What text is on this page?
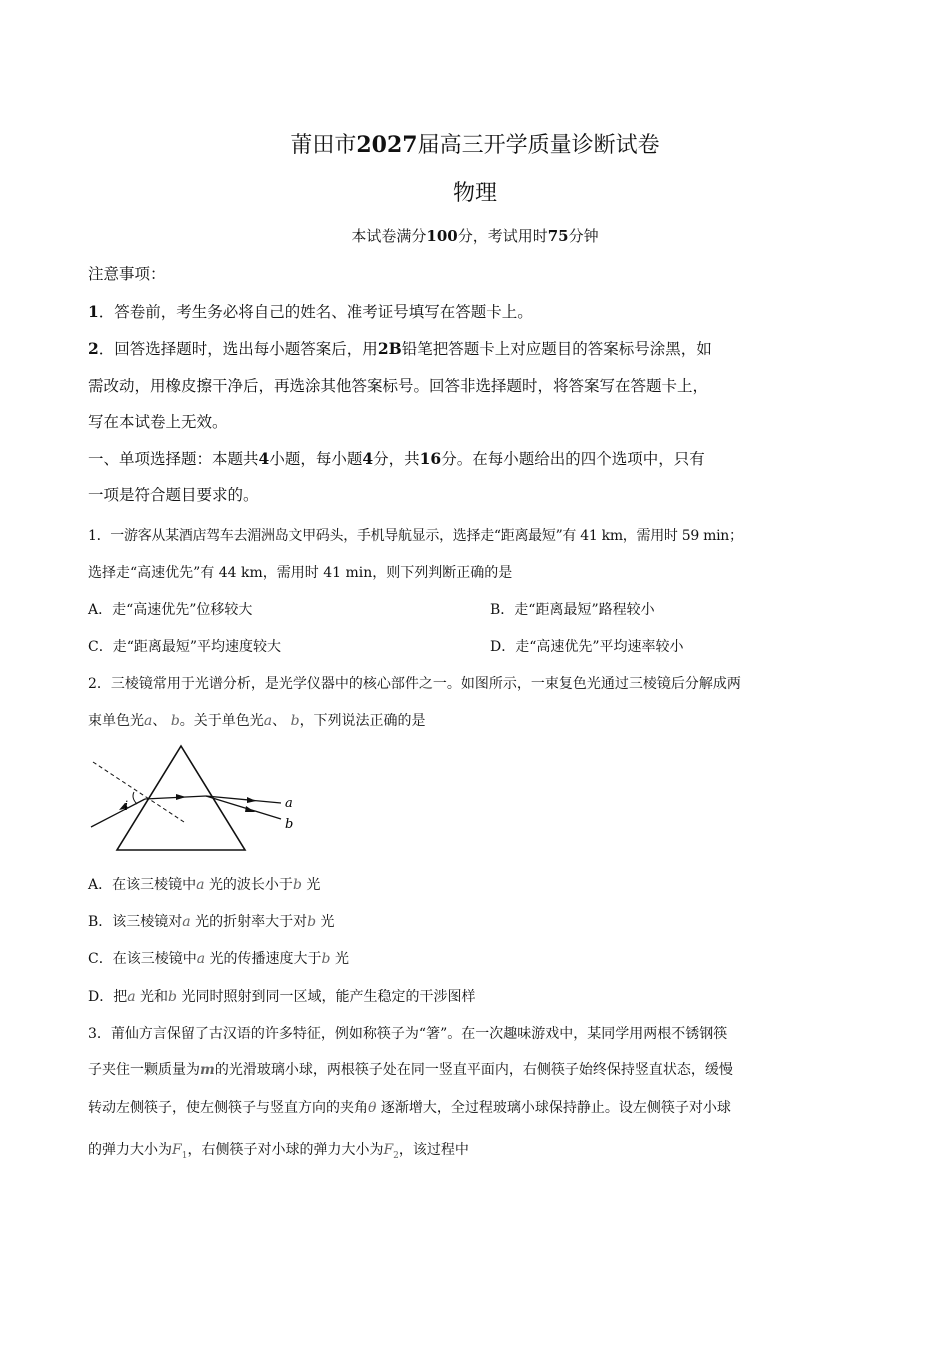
莆田市2027届高三开学质量诊断试卷
物理
本试卷满分100分，考试用时75分钟
注意事项：
1．答卷前，考生务必将自己的姓名、准考证号填写在答题卡上。
2．回答选择题时，选出每小题答案后，用2B铅笔把答题卡上对应题目的答案标号涂黑，如
需改动，用橡皮擦干净后，再选涂其他答案标号。回答非选择题时，将答案写在答题卡上，
写在本试卷上无效。
一、单项选择题：本题共4小题，每小题4分，共16分。在每小题给出的四个选项中，只有
一项是符合题目要求的。
1．一游客从某酒店驾车去湄洲岛文甲码头，手机导航显示，选择走“距离最短”有 41 km，需用时 59 min；
选择走“高速优先”有 44 km，需用时 41 min，则下列判断正确的是
A．走“高速优先”位移较大	B．走“距离最短”路程较小
C．走“距离最短”平均速度较大	D．走“高速优先”平均速率较小
2．三棱镜常用于光谱分析，是光学仪器中的核心部件之一。如图所示，一束复色光通过三棱镜后分解成两
束单色光a、 b。关于单色光a、 b，下列说法正确的是
i	a
b
A．在该三棱镜中a 光的波长小于b 光
B．该三棱镜对a 光的折射率大于对b 光
C．在该三棱镜中a 光的传播速度大于b 光
D．把a 光和b 光同时照射到同一区域，能产生稳定的干涉图样
3．莆仙方言保留了古汉语的许多特征，例如称筷子为“箸”。在一次趣味游戏中，某同学用两根不锈钢筷
子夹住一颗质量为m的光滑玻璃小球，两根筷子处在同一竖直平面内，右侧筷子始终保持竖直状态，缓慢
转动左侧筷子，使左侧筷子与竖直方向的夹角θ 逐渐增大，全过程玻璃小球保持静止。设左侧筷子对小球
的弹力大小为$F_1$，右侧筷子对小球的弹力大小为$F_2$，该过程中
